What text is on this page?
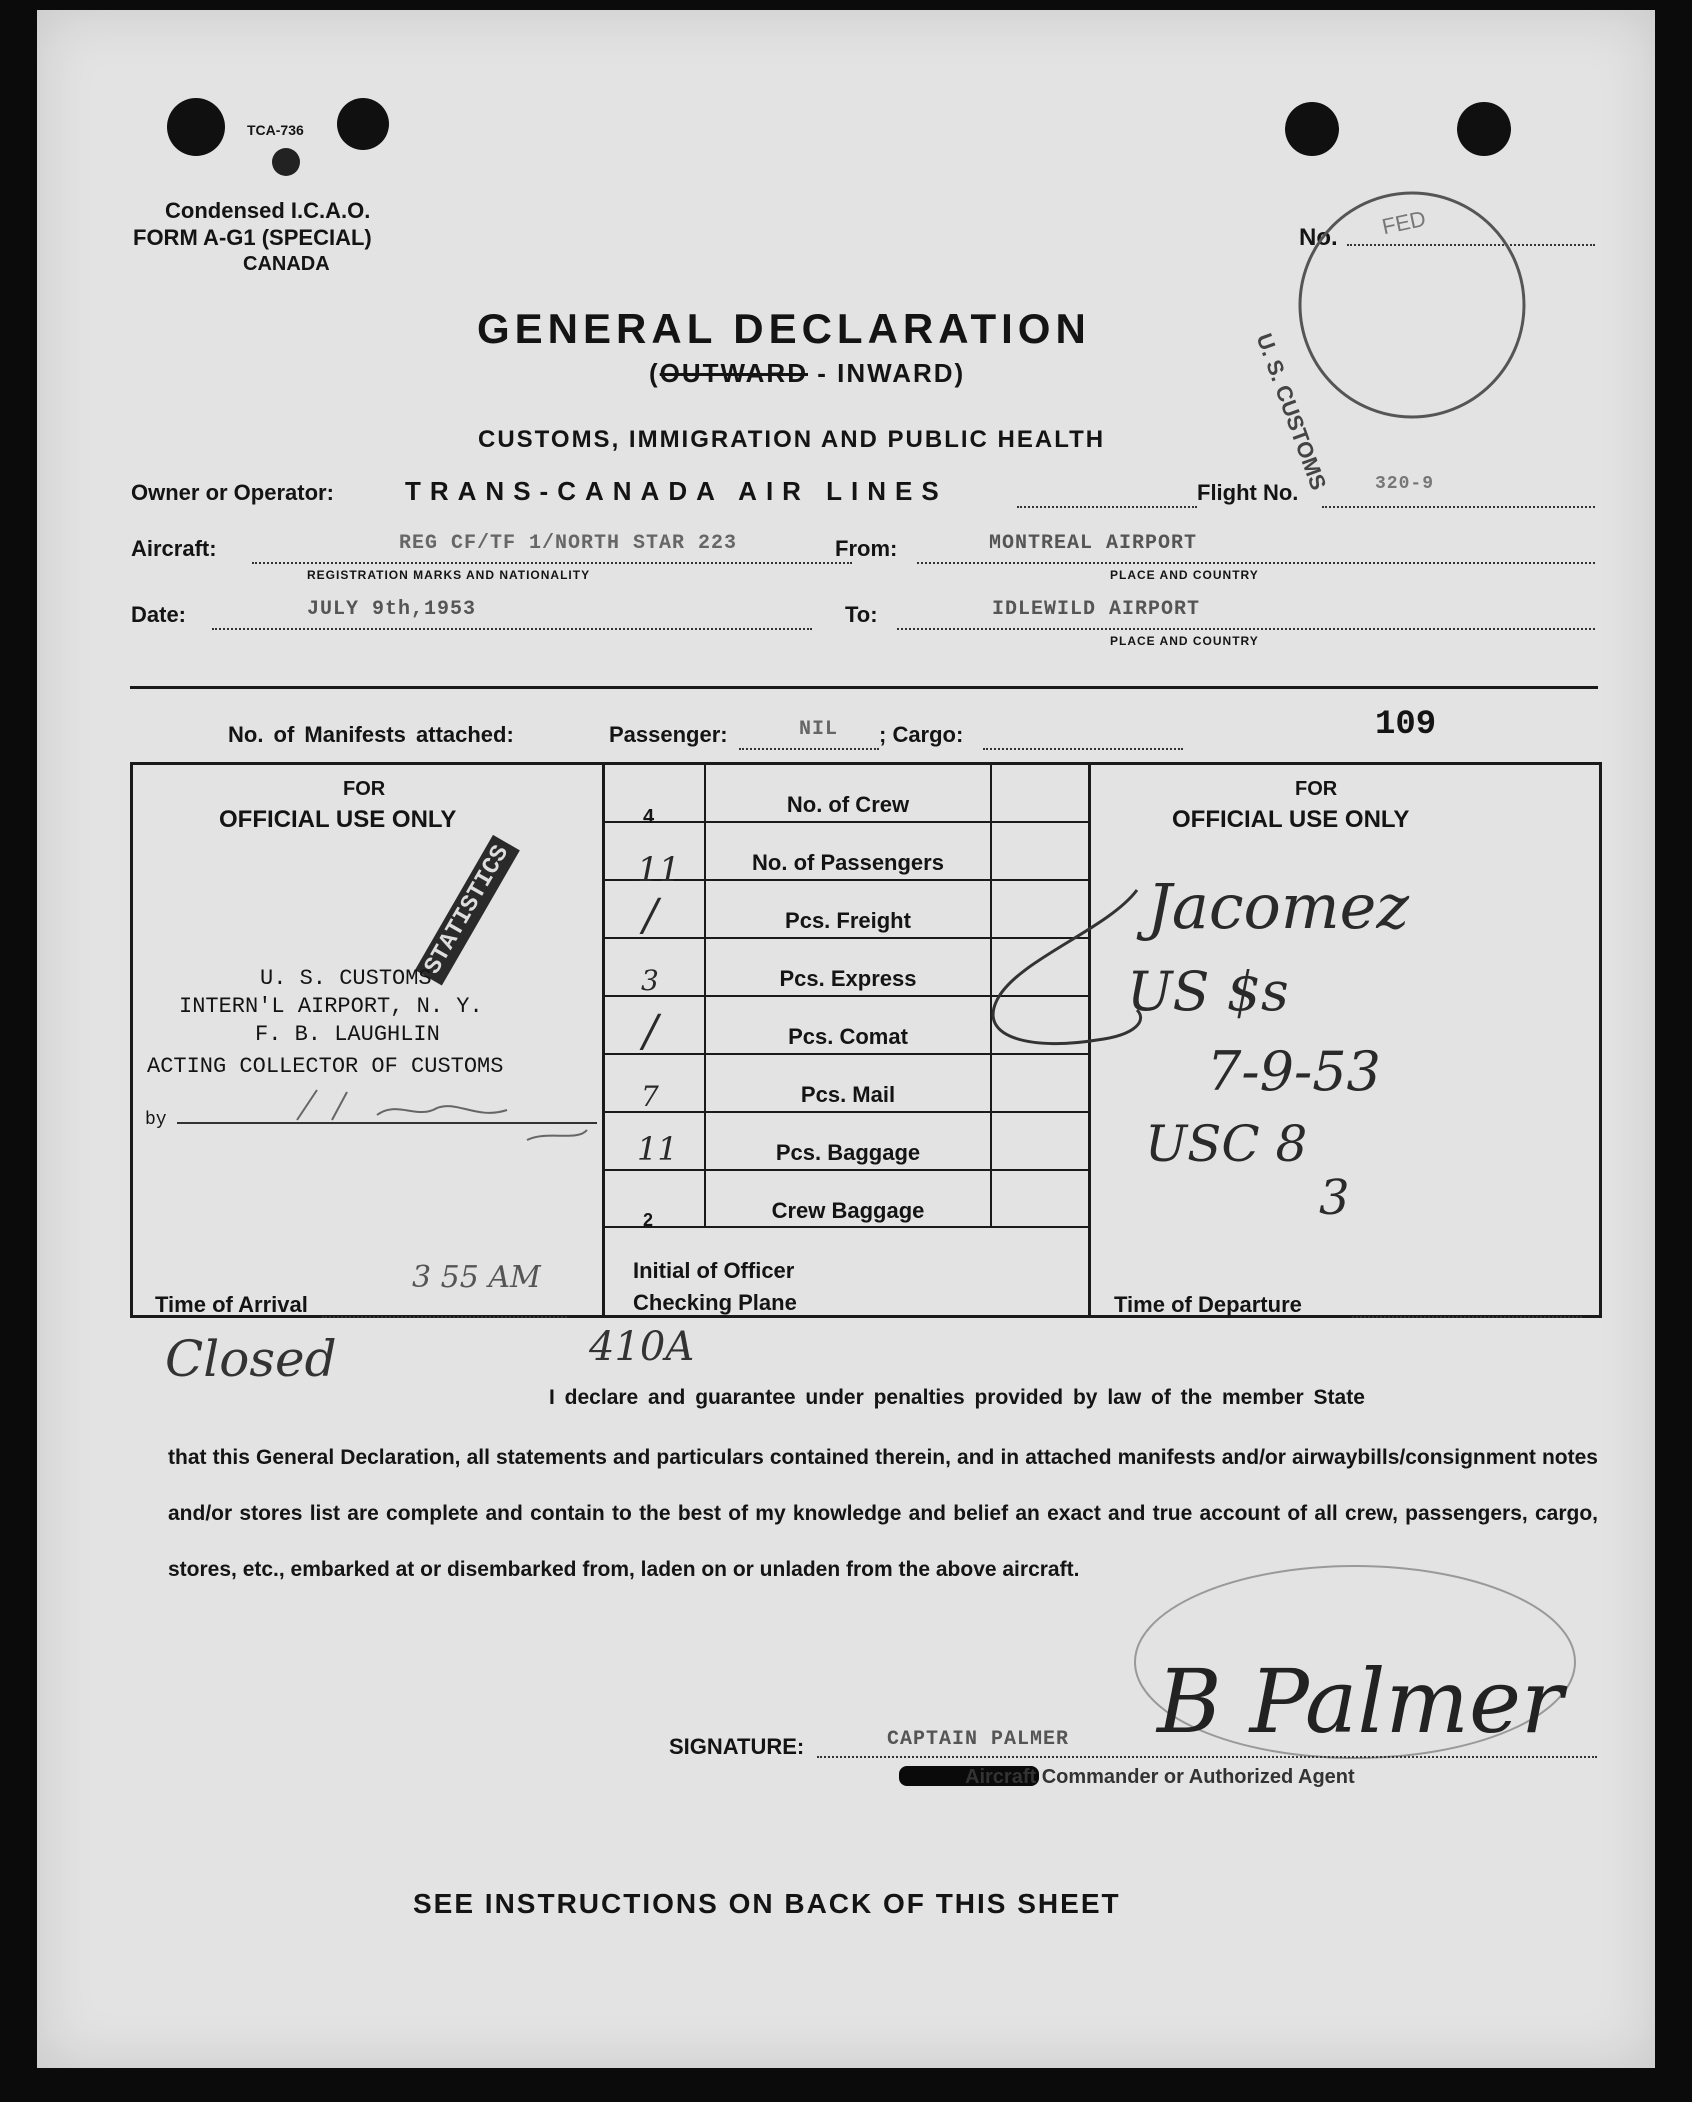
TCA-736
Condensed I.C.A.O.
FORM A-G1 (SPECIAL)
CANADA
No.
U. S. CUSTOMS
FED
GENERAL DECLARATION
(OUTWARD - INWARD)
CUSTOMS, IMMIGRATION AND PUBLIC HEALTH
Owner or Operator:	TRANS-CANADA AIR LINES	Flight No.	320-9
Aircraft:	REG CF/TF 1/NORTH STAR 223
REGISTRATION MARKS AND NATIONALITY
From:	MONTREAL AIRPORT
PLACE AND COUNTRY
Date:	JULY 9th,1953	To:	IDLEWILD AIRPORT
PLACE AND COUNTRY
No. of Manifests attached:	Passenger:	NIL ; Cargo:	109
4	No. of Crew
11	No. of Passengers
/	Pcs. Freight
3	Pcs. Express
/	Pcs. Comat
7	Pcs. Mail
11	Pcs. Baggage
2	Crew Baggage
Initial of Officer
Checking Plane
FOR
OFFICIAL USE ONLY
STATISTICS
U. S. CUSTOMS
INTERN'L AIRPORT, N. Y.
F. B. LAUGHLIN
ACTING COLLECTOR OF CUSTOMS
by
Time of Arrival
3 55 AM
FOR
OFFICIAL USE ONLY
Jacomez
US $s
7-9-53
USC 8
3
Time of Departure
Closed	410A
I declare and guarantee under penalties provided by law of the member State
that this General Declaration, all statements and particulars contained therein, and in attached manifests and/or airwaybills/consignment notes and/or stores list are complete and contain to the best of my knowledge and belief an exact and true account of all crew, passengers, cargo, stores, etc., embarked at or disembarked from, laden on or unladen from the above aircraft.
SIGNATURE:	CAPTAIN PALMER B Palmer
Aircraft Commander or Authorized Agent
SEE INSTRUCTIONS ON BACK OF THIS SHEET
